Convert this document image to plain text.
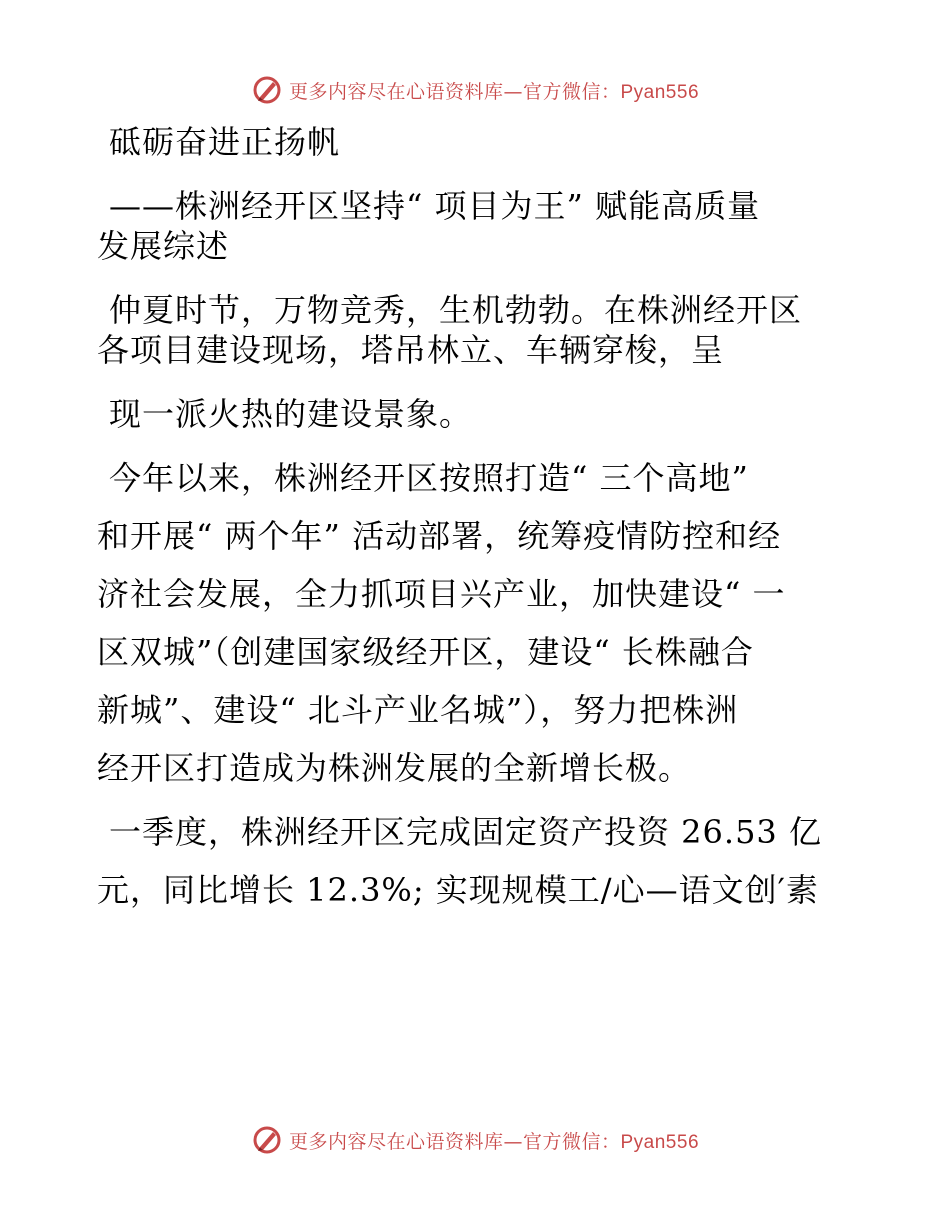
更多内容尽在心语资料库—官方微信：Pyan556
砥砺奋进正扬帆
——株洲经开区坚持“ 项目为王” 赋能高质量
发展综述
仲夏时节，万物竞秀，生机勃勃。在株洲经开区
各项目建设现场，塔吊林立、车辆穿梭，呈
现一派火热的建设景象。
今年以来，株洲经开区按照打造“ 三个高地”
和开展“ 两个年” 活动部署，统筹疫情防控和经
济社会发展，全力抓项目兴产业，加快建设“ 一
区双城”（创建国家级经开区，建设“ 长株融合
新城”、建设“ 北斗产业名城”），努力把株洲
经开区打造成为株洲发展的全新增长极。
一季度，株洲经开区完成固定资产投资 26.53 亿
元，同比增长 12.3%; 实现规模工/心—语文创′素
更多内容尽在心语资料库—官方微信：Pyan556
